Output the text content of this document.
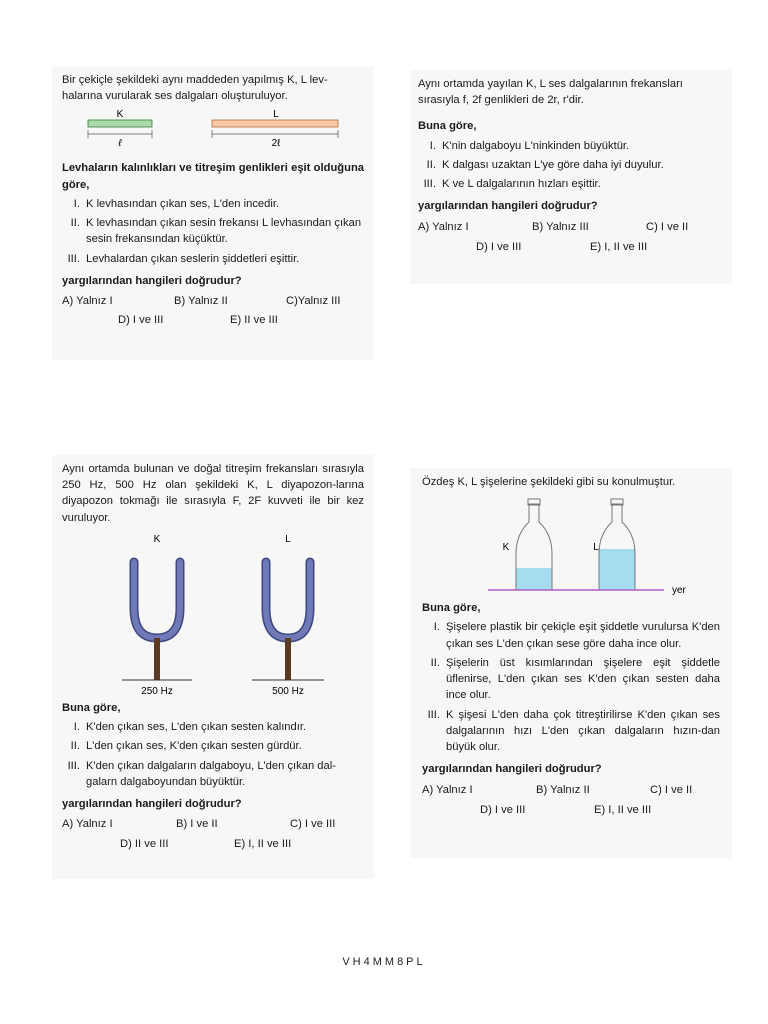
Bir çekiçle şekildeki aynı maddeden yapılmış K, L lev-halarına vurularak ses dalgaları oluşturuluyor.

K
ℓ
L
2ℓ

Levhaların kalınlıkları ve titreşim genlikleri eşit olduğuna göre,

I. K levhasından çıkan ses, L'den incedir.
II. K levhasından çıkan sesin frekansı L levhasından çıkan sesin frekansından küçüktür.
III. Levhalardan çıkan seslerin şiddetleri eşittir.

yargılarından hangileri doğrudur?

A) Yalnız I	B) Yalnız II	C)Yalnız III
D) I ve III	E) II ve III

Aynı ortamda yayılan K, L ses dalgalarının frekansları sırasıyla f, 2f genlikleri de 2r, r'dir.

Buna göre,

I. K'nin dalgaboyu L'ninkinden büyüktür.
II. K dalgası uzaktan L'ye göre daha iyi duyulur.
III. K ve L dalgalarının hızları eşittir.

yargılarından hangileri doğrudur?

A) Yalnız I	B) Yalnız III	C) I ve II
D) I ve III	E) I, II ve III

Aynı ortamda bulunan ve doğal titreşim frekansları sırasıyla 250 Hz, 500 Hz olan şekildeki K, L diyapozon-larına diyapozon tokmağı ile sırasıyla F, 2F kuvveti ile bir kez vuruluyor.

K
250 Hz
L
500 Hz

Buna göre,

I. K'den çıkan ses, L'den çıkan sesten kalındır.
II. L'den çıkan ses, K'den çıkan sesten gürdür.
III. K'den çıkan dalgaların dalgaboyu, L'den çıkan dal-galarn dalgaboyundan büyüktür.

yargılarından hangileri doğrudur?

A) Yalnız I	B) I ve II	C) I ve III
D) II ve III	E) I, II ve III

Özdeş K, L şişelerine şekildeki gibi su konulmuştur.

K	L
yer

Buna göre,

I. Şişelere plastik bir çekiçle eşit şiddetle vurulursa K'den çıkan ses L'den çıkan sese göre daha ince olur.
II. Şişelerin üst kısımlarından şişelere eşit şiddetle üflenirse, L'den çıkan ses K'den çıkan sesten daha ince olur.
III. K şişesi L'den daha çok titreştirilirse K'den çıkan ses dalgalarının hızı L'den çıkan dalgaların hızın-dan büyük olur.

yargılarından hangileri doğrudur?

A) Yalnız I	B) Yalnız II	C) I ve II
D) I ve III	E) I, II ve III
VH4MM8PL
